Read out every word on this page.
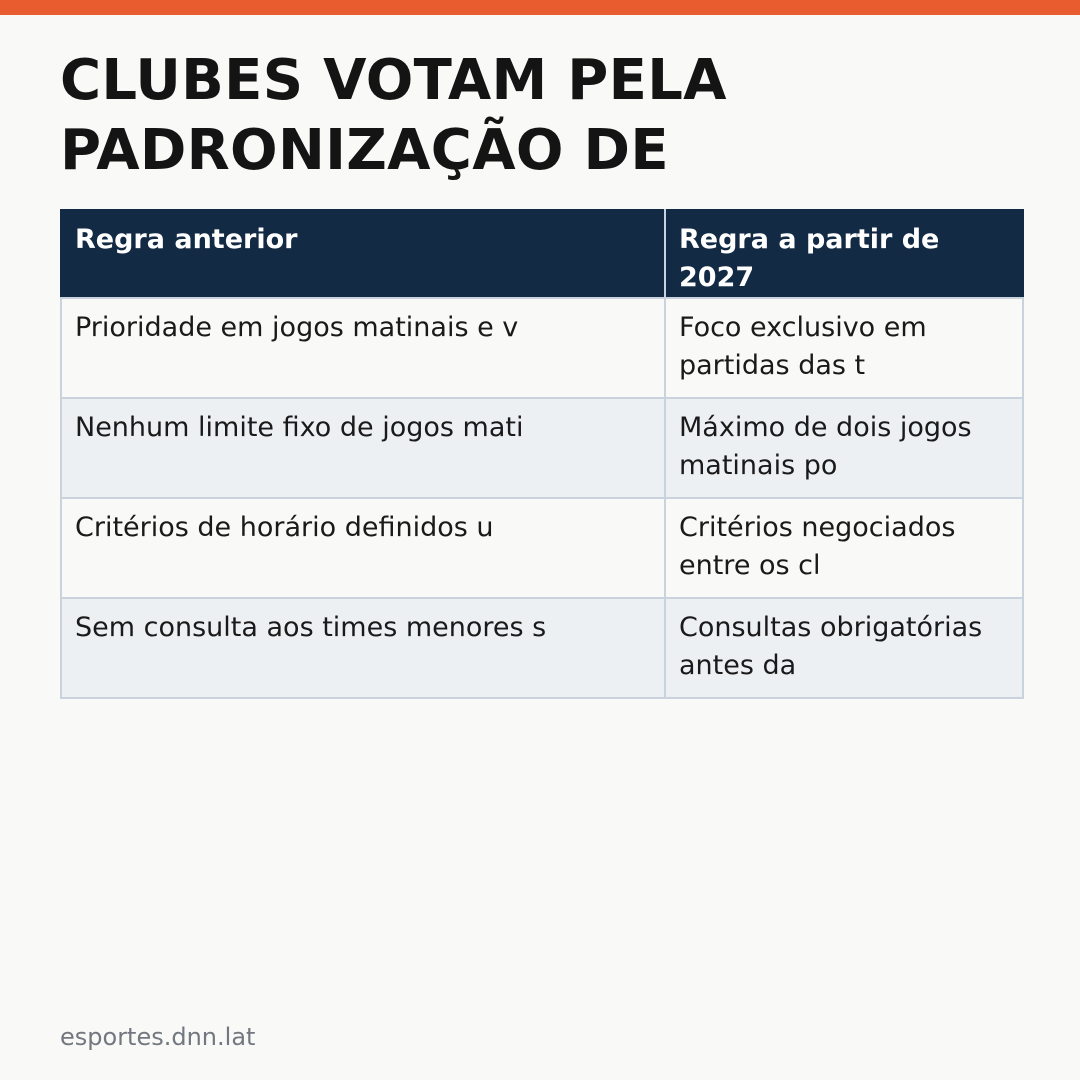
CLUBES VOTAM PELA
PADRONIZAÇÃO DE
Regra anterior	Regra a partir de 2027
Prioridade em jogos matinais e v	Foco exclusivo em partidas das t
Nenhum limite fixo de jogos mati	Máximo de dois jogos matinais po
Critérios de horário definidos u	Critérios negociados entre os cl
Sem consulta aos times menores s	Consultas obrigatórias antes da
esportes.dnn.lat
